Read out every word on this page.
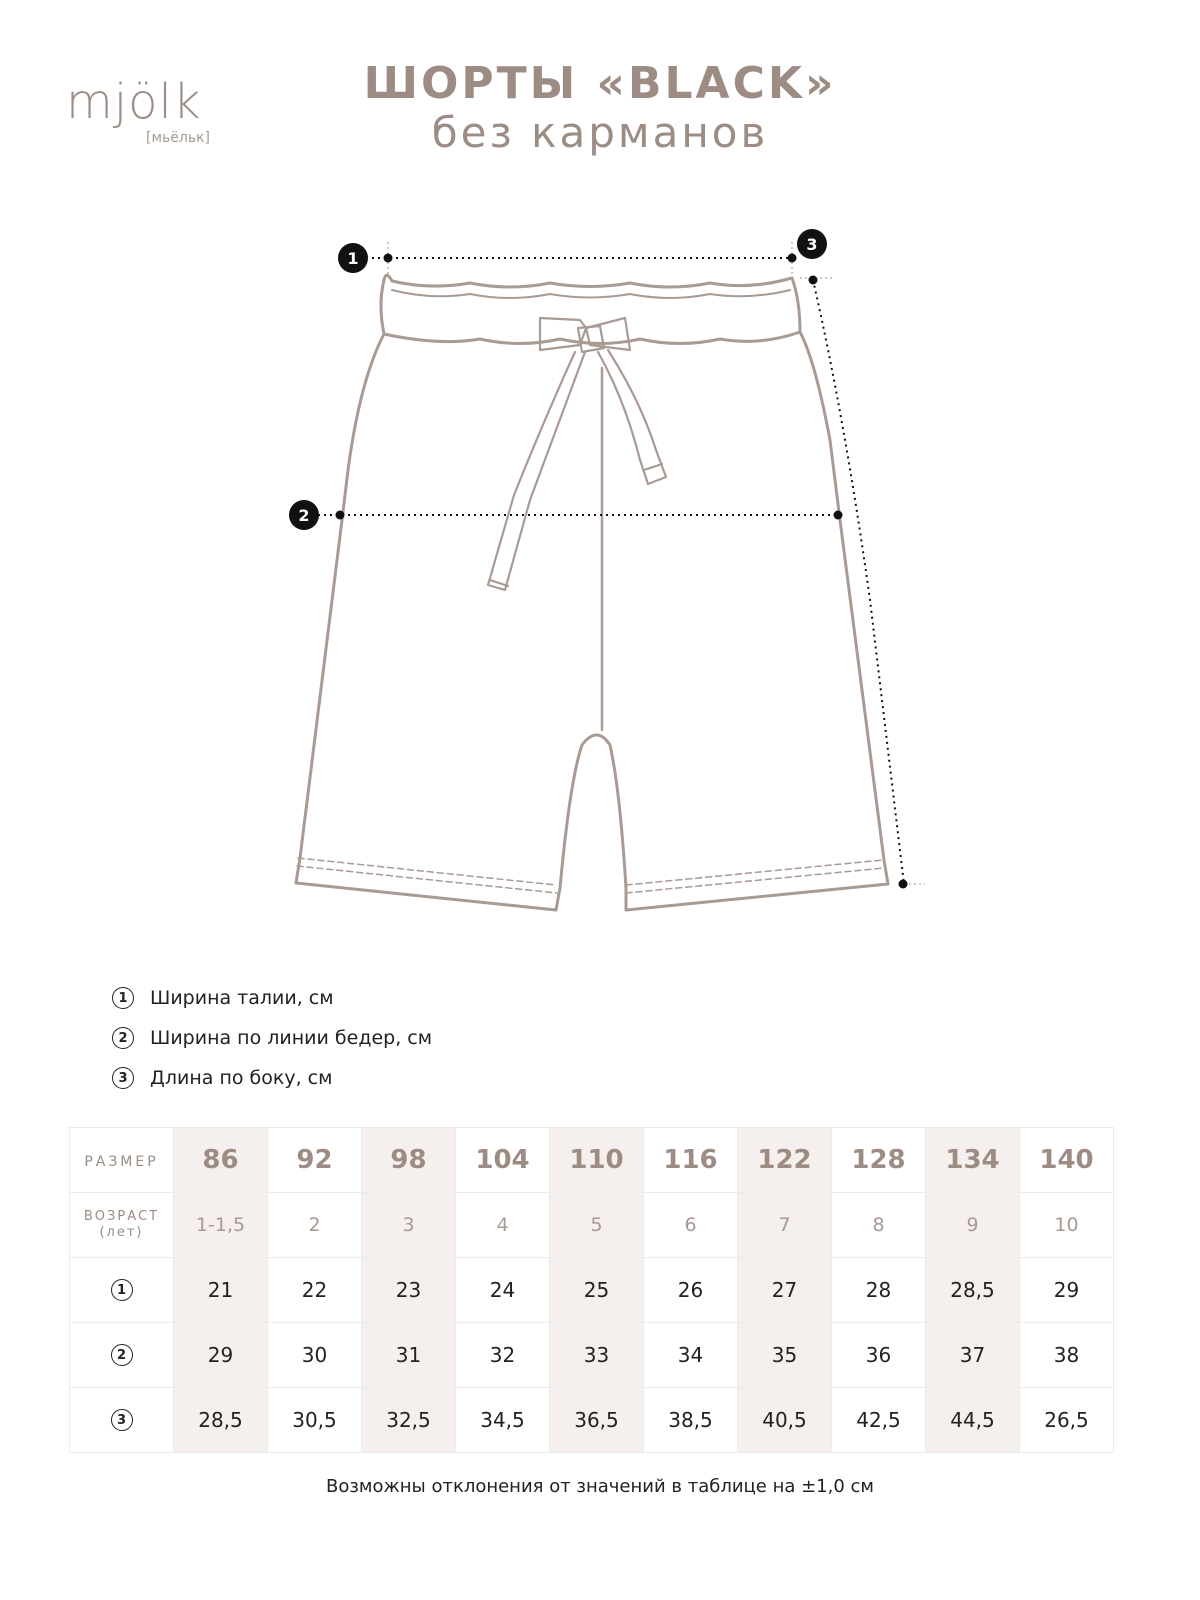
mjölk
[мьёльк]
ШОРТЫ «BLACK»
без карманов
1
2
3
1	Ширина талии, см
2	Ширина по линии бедер, см
3	Длина по боку, см
РАЗМЕР	86	92	98	104	110	116	122	128	134	140

ВОЗРАСТ
(лет)	1-1,5	2	3	4	5	6	7	8	9	10
1	21	22	23	24	25	26	27	28	28,5	29
2	29	30	31	32	33	34	35	36	37	38
3	28,5	30,5	32,5	34,5	36,5	38,5	40,5	42,5	44,5	26,5
Возможны отклонения от значений в таблице на ±1,0 см
